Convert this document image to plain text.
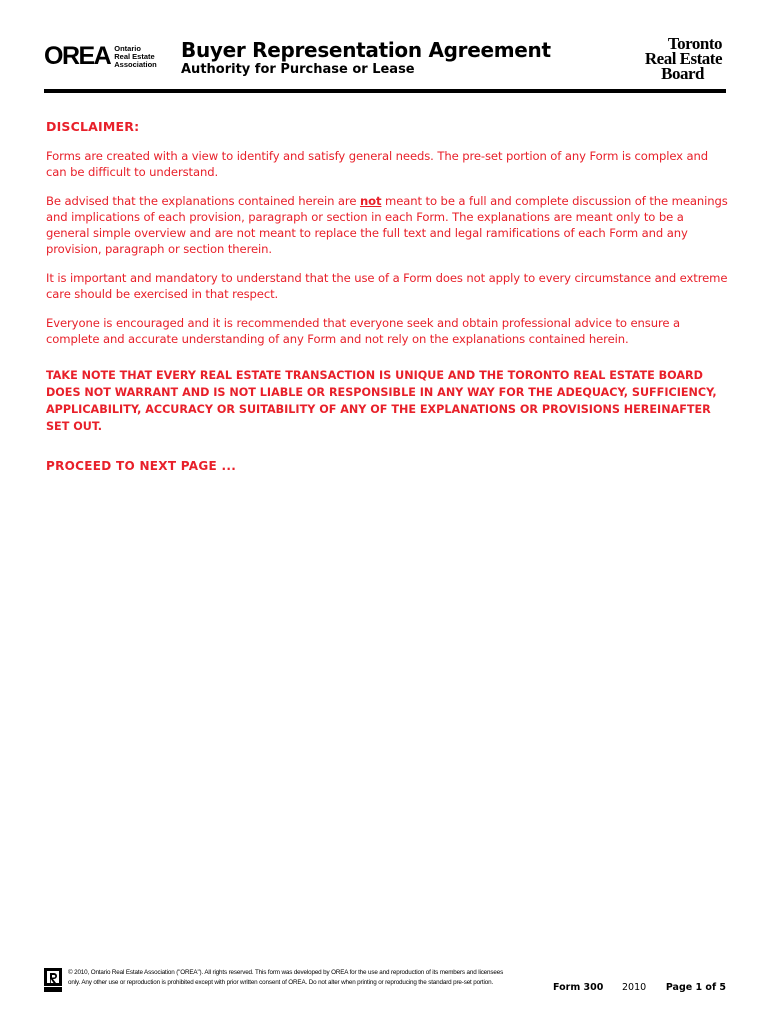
OREA Ontario
Real Estate
Association
Buyer Representation Agreement
Authority for Purchase or Lease
Toronto
Real Estate
Board
DISCLAIMER:

Forms are created with a view to identify and satisfy general needs. The pre-set portion of any Form is complex and can be difficult to understand.

Be advised that the explanations contained herein are not meant to be a full and complete discussion of the meanings and implications of each provision, paragraph or section in each Form. The explanations are meant only to be a general simple overview and are not meant to replace the full text and legal ramifications of each Form and any provision, paragraph or section therein.

It is important and mandatory to understand that the use of a Form does not apply to every circumstance and extreme care should be exercised in that respect.

Everyone is encouraged and it is recommended that everyone seek and obtain professional advice to ensure a complete and accurate understanding of any Form and not rely on the explanations contained herein.

TAKE NOTE THAT EVERY REAL ESTATE TRANSACTION IS UNIQUE AND THE TORONTO REAL ESTATE BOARD DOES NOT WARRANT AND IS NOT LIABLE OR RESPONSIBLE IN ANY WAY FOR THE ADEQUACY, SUFFICIENCY, APPLICABILITY, ACCURACY OR SUITABILITY OF ANY OF THE EXPLANATIONS OR PROVISIONS HEREINAFTER SET OUT.
PROCEED TO NEXT PAGE ...
© 2010, Ontario Real Estate Association ("OREA"). All rights reserved. This form was developed by OREA for the use and reproduction of its members and licensees
only. Any other use or reproduction is prohibited except with prior written consent of OREA. Do not alter when printing or reproducing the standard pre-set portion.	Form 300 2010 Page 1 of 5
